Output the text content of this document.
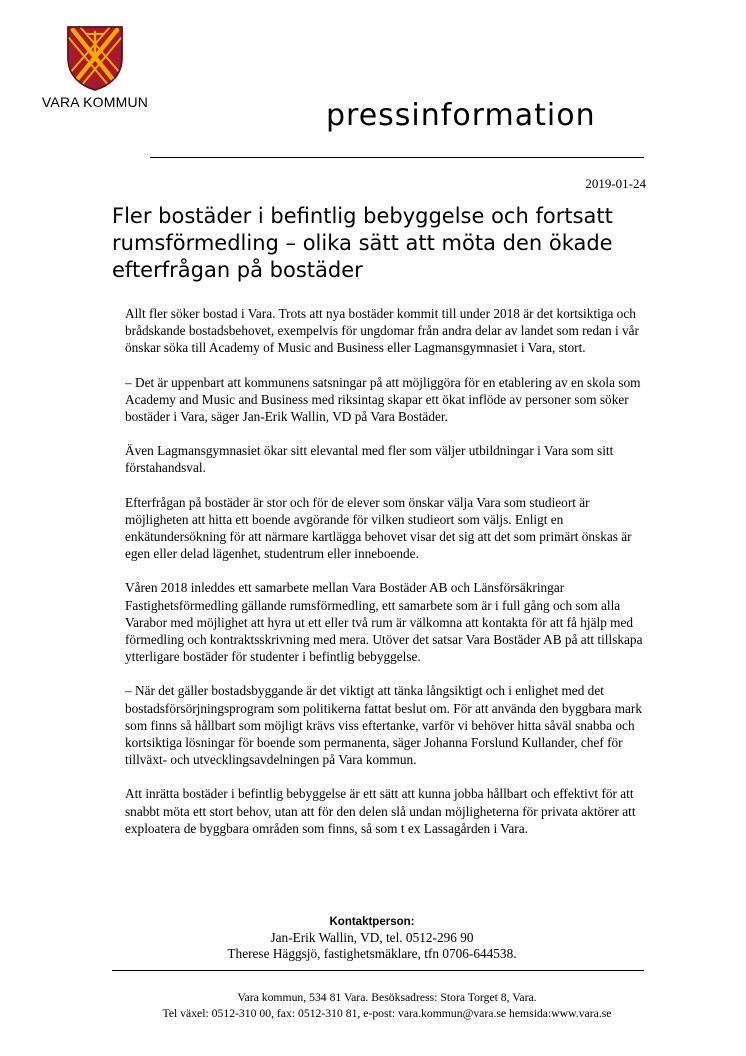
VARA KOMMUN	pressinformation
2019-01-24
Fler bostäder i befintlig bebyggelse och fortsatt rumsförmedling – olika sätt att möta den ökade efterfrågan på bostäder

Allt fler söker bostad i Vara. Trots att nya bostäder kommit till under 2018 är det kortsiktiga och brådskande bostadsbehovet, exempelvis för ungdomar från andra delar av landet som redan i vår önskar söka till Academy of Music and Business eller Lagmansgymnasiet i Vara, stort.

– Det är uppenbart att kommunens satsningar på att möjliggöra för en etablering av en skola som Academy and Music and Business med riksintag skapar ett ökat inflöde av personer som söker bostäder i Vara, säger Jan-Erik Wallin, VD på Vara Bostäder.

Även Lagmansgymnasiet ökar sitt elevantal med fler som väljer utbildningar i Vara som sitt förstahandsval.

Efterfrågan på bostäder är stor och för de elever som önskar välja Vara som studieort är möjligheten att hitta ett boende avgörande för vilken studieort som väljs. Enligt en enkätundersökning för att närmare kartlägga behovet visar det sig att det som primärt önskas är egen eller delad lägenhet, studentrum eller inneboende.

Våren 2018 inleddes ett samarbete mellan Vara Bostäder AB och Länsförsäkringar Fastighetsförmedling gällande rumsförmedling, ett samarbete som är i full gång och som alla Varabor med möjlighet att hyra ut ett eller två rum är välkomna att kontakta för att få hjälp med förmedling och kontraktsskrivning med mera. Utöver det satsar Vara Bostäder AB på att tillskapa ytterligare bostäder för studenter i befintlig bebyggelse.

– När det gäller bostadsbyggande är det viktigt att tänka långsiktigt och i enlighet med det bostadsförsörjningsprogram som politikerna fattat beslut om. För att använda den byggbara mark som finns så hållbart som möjligt krävs viss eftertanke, varför vi behöver hitta såväl snabba och kortsiktiga lösningar för boende som permanenta, säger Johanna Forslund Kullander, chef för tillväxt- och utvecklingsavdelningen på Vara kommun.

Att inrätta bostäder i befintlig bebyggelse är ett sätt att kunna jobba hållbart och effektivt för att snabbt möta ett stort behov, utan att för den delen slå undan möjligheterna för privata aktörer att exploatera de byggbara områden som finns, så som t ex Lassagården i Vara.

Kontaktperson:
Jan-Erik Wallin, VD, tel. 0512-296 90
Therese Häggsjö, fastighetsmäklare, tfn 0706-644538.
Vara kommun, 534 81 Vara. Besöksadress: Stora Torget 8, Vara.
Tel växel: 0512-310 00, fax: 0512-310 81, e-post: vara.kommun@vara.se hemsida:www.vara.se
